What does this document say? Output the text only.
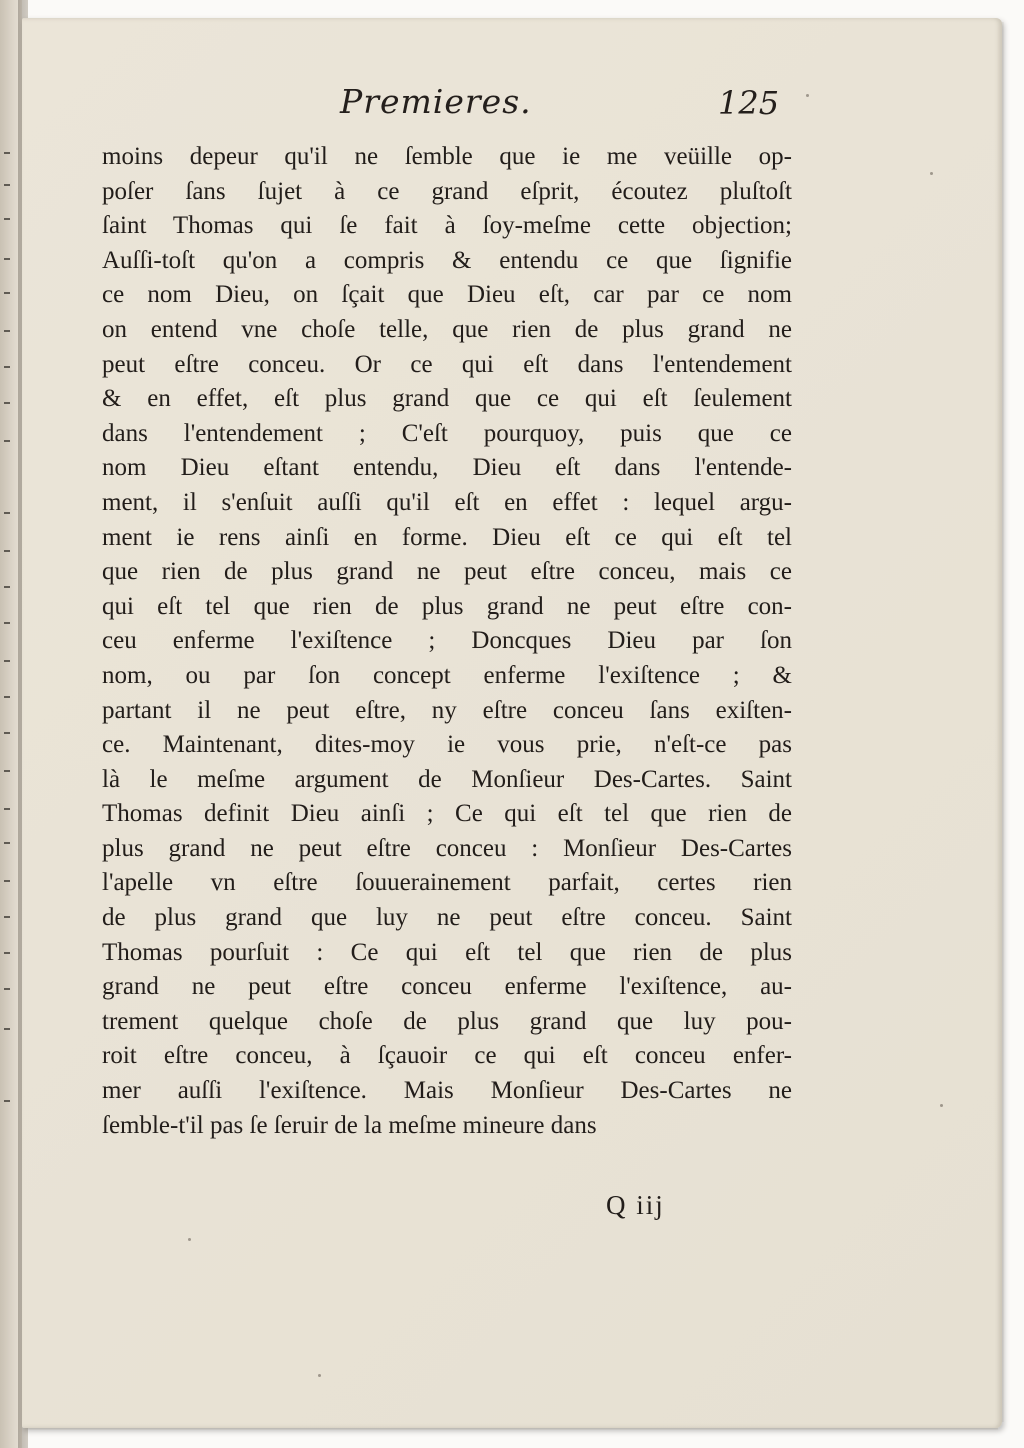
Premieres.	125
moins depeur qu'il ne ſemble que ie me veüille op-
poſer ſans ſujet à ce grand eſprit, écoutez pluſtoſt
ſaint Thomas qui ſe fait à ſoy-meſme cette objection;
Auſſi-toſt qu'on a compris & entendu ce que ſignifie
ce nom Dieu, on ſçait que Dieu eſt, car par ce nom
on entend vne choſe telle, que rien de plus grand ne
peut eſtre conceu. Or ce qui eſt dans l'entendement
& en effet, eſt plus grand que ce qui eſt ſeulement
dans l'entendement ; C'eſt pourquoy, puis que ce
nom Dieu eſtant entendu, Dieu eſt dans l'entende-
ment, il s'enſuit auſſi qu'il eſt en effet : lequel argu-
ment ie rens ainſi en forme. Dieu eſt ce qui eſt tel
que rien de plus grand ne peut eſtre conceu, mais ce
qui eſt tel que rien de plus grand ne peut eſtre con-
ceu enferme l'exiſtence ; Doncques Dieu par ſon
nom, ou par ſon concept enferme l'exiſtence ; &
partant il ne peut eſtre, ny eſtre conceu ſans exiſten-
ce. Maintenant, dites-moy ie vous prie, n'eſt-ce pas
là le meſme argument de Monſieur Des-Cartes. Saint
Thomas definit Dieu ainſi ; Ce qui eſt tel que rien de
plus grand ne peut eſtre conceu : Monſieur Des-Cartes
l'apelle vn eſtre ſouuerainement parfait, certes rien
de plus grand que luy ne peut eſtre conceu. Saint
Thomas pourſuit : Ce qui eſt tel que rien de plus
grand ne peut eſtre conceu enferme l'exiſtence, au-
trement quelque choſe de plus grand que luy pou-
roit eſtre conceu, à ſçauoir ce qui eſt conceu enfer-
mer auſſi l'exiſtence. Mais Monſieur Des-Cartes ne
ſemble-t'il pas ſe ſeruir de la meſme mineure dans
Q iij
